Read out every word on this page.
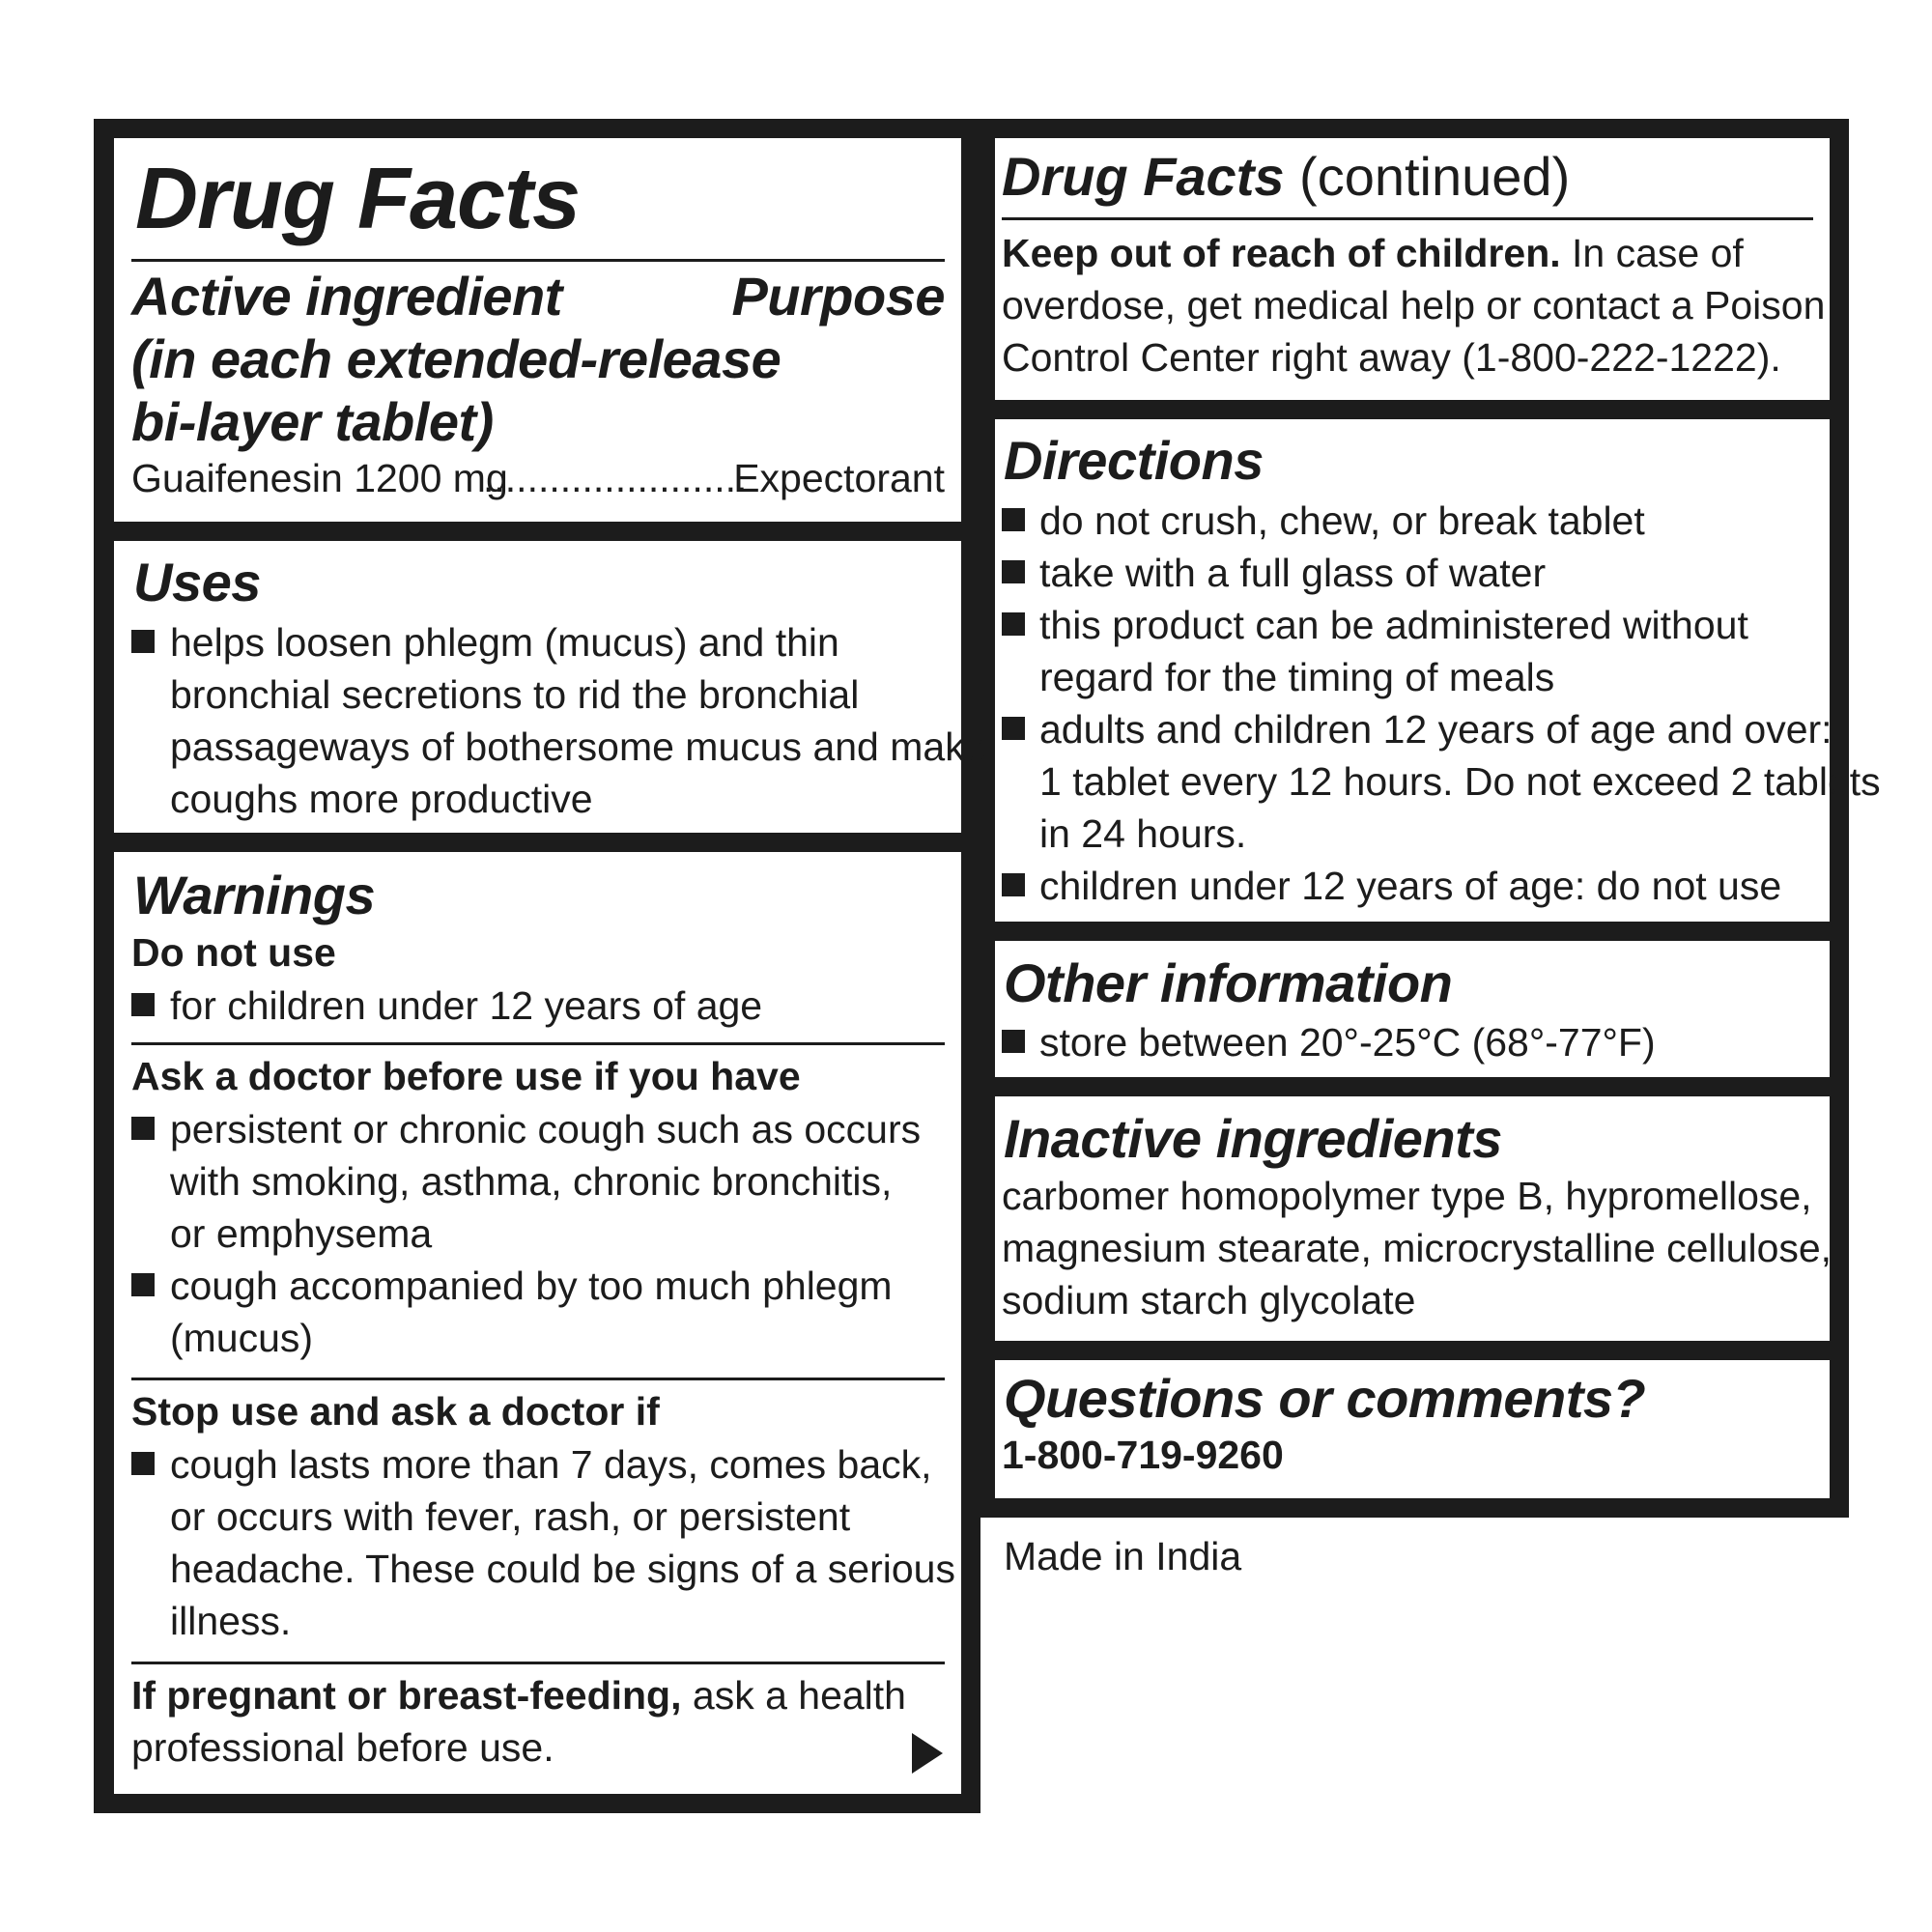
Drug Facts
Active ingredient
(in each extended-release
bi-layer tablet)
Purpose
Guaifenesin 1200 mg
........................
Expectorant
Uses
helps loosen phlegm (mucus) and thin
bronchial secretions to rid the bronchial
passageways of bothersome mucus and make
coughs more productive
Warnings
Do not use
for children under 12 years of age
Ask a doctor before use if you have
persistent or chronic cough such as occurs
with smoking, asthma, chronic bronchitis,
or emphysema
cough accompanied by too much phlegm
(mucus)
Stop use and ask a doctor if
cough lasts more than 7 days, comes back,
or occurs with fever, rash, or persistent
headache. These could be signs of a serious
illness.
If pregnant or breast-feeding, ask a health
professional before use.
Drug Facts (continued)
Keep out of reach of children. In case of
overdose, get medical help or contact a Poison
Control Center right away (1-800-222-1222).
Directions
do not crush, chew, or break tablet
take with a full glass of water
this product can be administered without
regard for the timing of meals
adults and children 12 years of age and over:
1 tablet every 12 hours. Do not exceed 2 tablets
in 24 hours.
children under 12 years of age: do not use
Other information
store between 20°-25°C (68°-77°F)
Inactive ingredients
carbomer homopolymer type B, hypromellose,
magnesium stearate, microcrystalline cellulose,
sodium starch glycolate
Questions or comments?
1-800-719-9260
Made in India
